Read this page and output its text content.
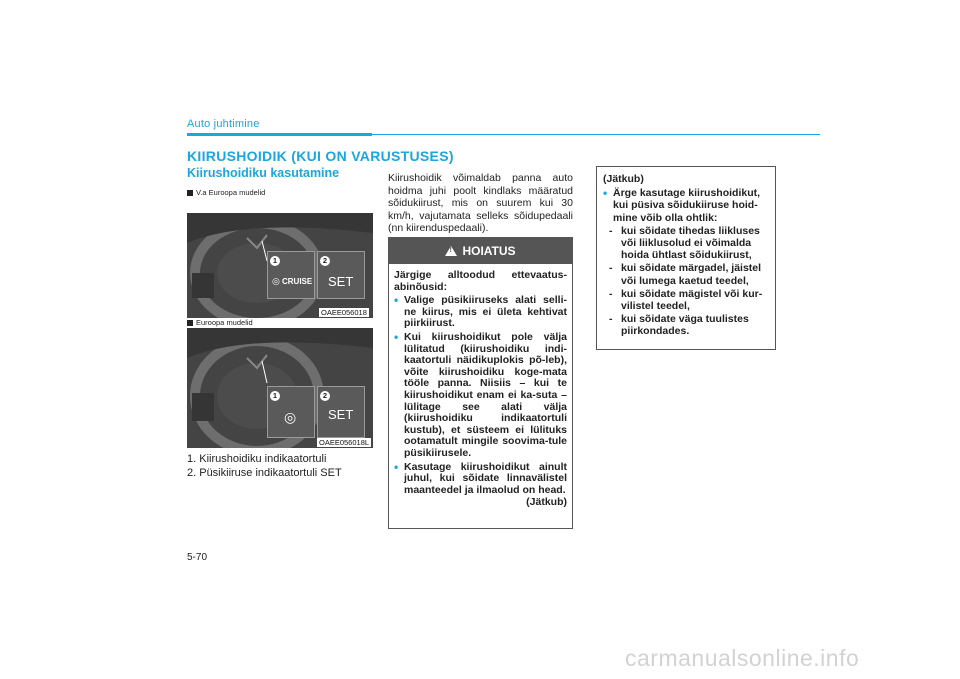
Auto juhtimine
KIIRUSHOIDIK (KUI ON VARUSTUSES)
Kiirushoidiku kasutamine
V.a Euroopa mudelid
1
◎ CRUISE
2
SET
OAEE056018
Euroopa mudelid
1
◎
2
SET
OAEE056018L
1. Kiirushoidiku indikaatortuli
2. Püsikiiruse indikaatortuli SET
Kiirushoidik võimaldab panna auto hoidma juhi poolt kindlaks määratud sõidukiirust, mis on suurem kui 30 km/h, vajutamata selleks sõidupedaali (nn kiirenduspedaali).
!
HOIATUS

Järgige alltoodud ettevaatus-abinõusid:

• Valige püsikiiruseks alati selli-ne kiirus, mis ei ületa kehtivat piirkiirust.
• Kui kiirushoidikut pole välja lülitatud (kiirushoidiku indi-kaatortuli näidikuplokis põ-leb), võite kiirushoidiku koge-mata tööle panna. Niisiis – kui te kiirushoidikut enam ei ka-suta – lülitage see alati välja (kiirushoidiku indikaatortuli kustub), et süsteem ei lülituks ootamatult mingile soovima-tule püsikiirusele.
• Kasutage kiirushoidikut ainult juhul, kui sõidate linnavälistel maanteedel ja ilmaolud on head.
(Jätkub)
(Jätkub)
• Ärge kasutage kiirushoidikut, kui püsiva sõidukiiruse hoid-mine võib olla ohtlik:
- kui sõidate tihedas liikluses või liiklusolud ei võimalda hoida ühtlast sõidukiirust,
- kui sõidate märgadel, jäistel või lumega kaetud teedel,
- kui sõidate mägistel või kur-vilistel teedel,
- kui sõidate väga tuulistes piirkondades.
5-70
carmanualsonline.info
